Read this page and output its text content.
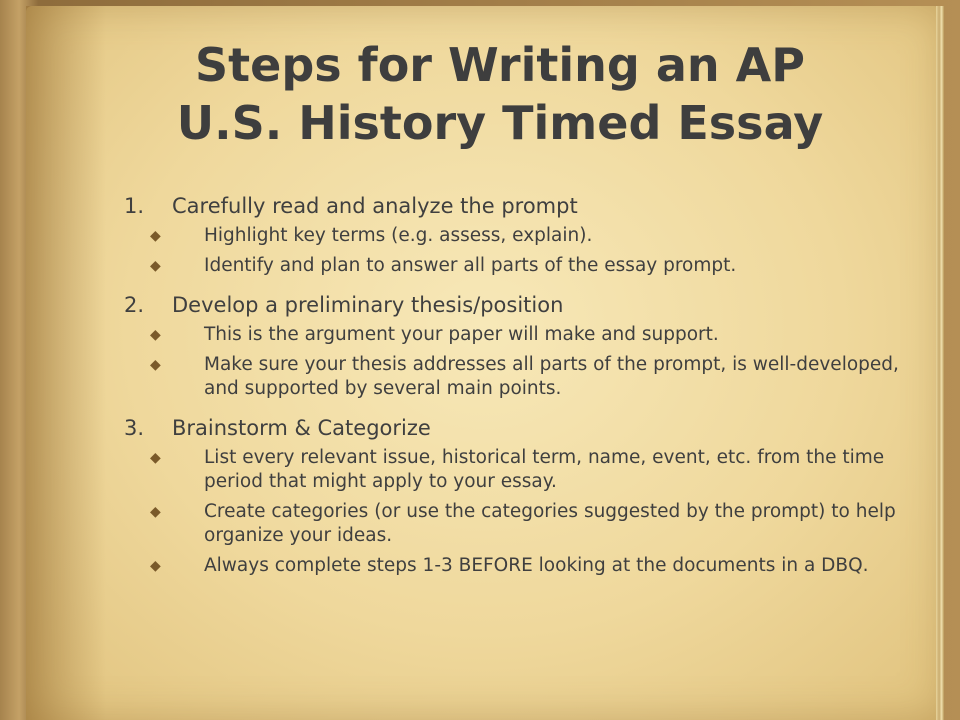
Steps for Writing an AP
U.S. History Timed Essay
1.	Carefully read and analyze the prompt
◆	Highlight key terms (e.g. assess, explain).
◆	Identify and plan to answer all parts of the essay prompt.
2.	Develop a preliminary thesis/position
◆	This is the argument your paper will make and support.
◆	Make sure your thesis addresses all parts of the prompt, is well-developed, and supported by several main points.
3.	Brainstorm & Categorize
◆	List every relevant issue, historical term, name, event, etc. from the time period that might apply to your essay.
◆	Create categories (or use the categories suggested by the prompt) to help organize your ideas.
◆	Always complete steps 1-3 BEFORE looking at the documents in a DBQ.
